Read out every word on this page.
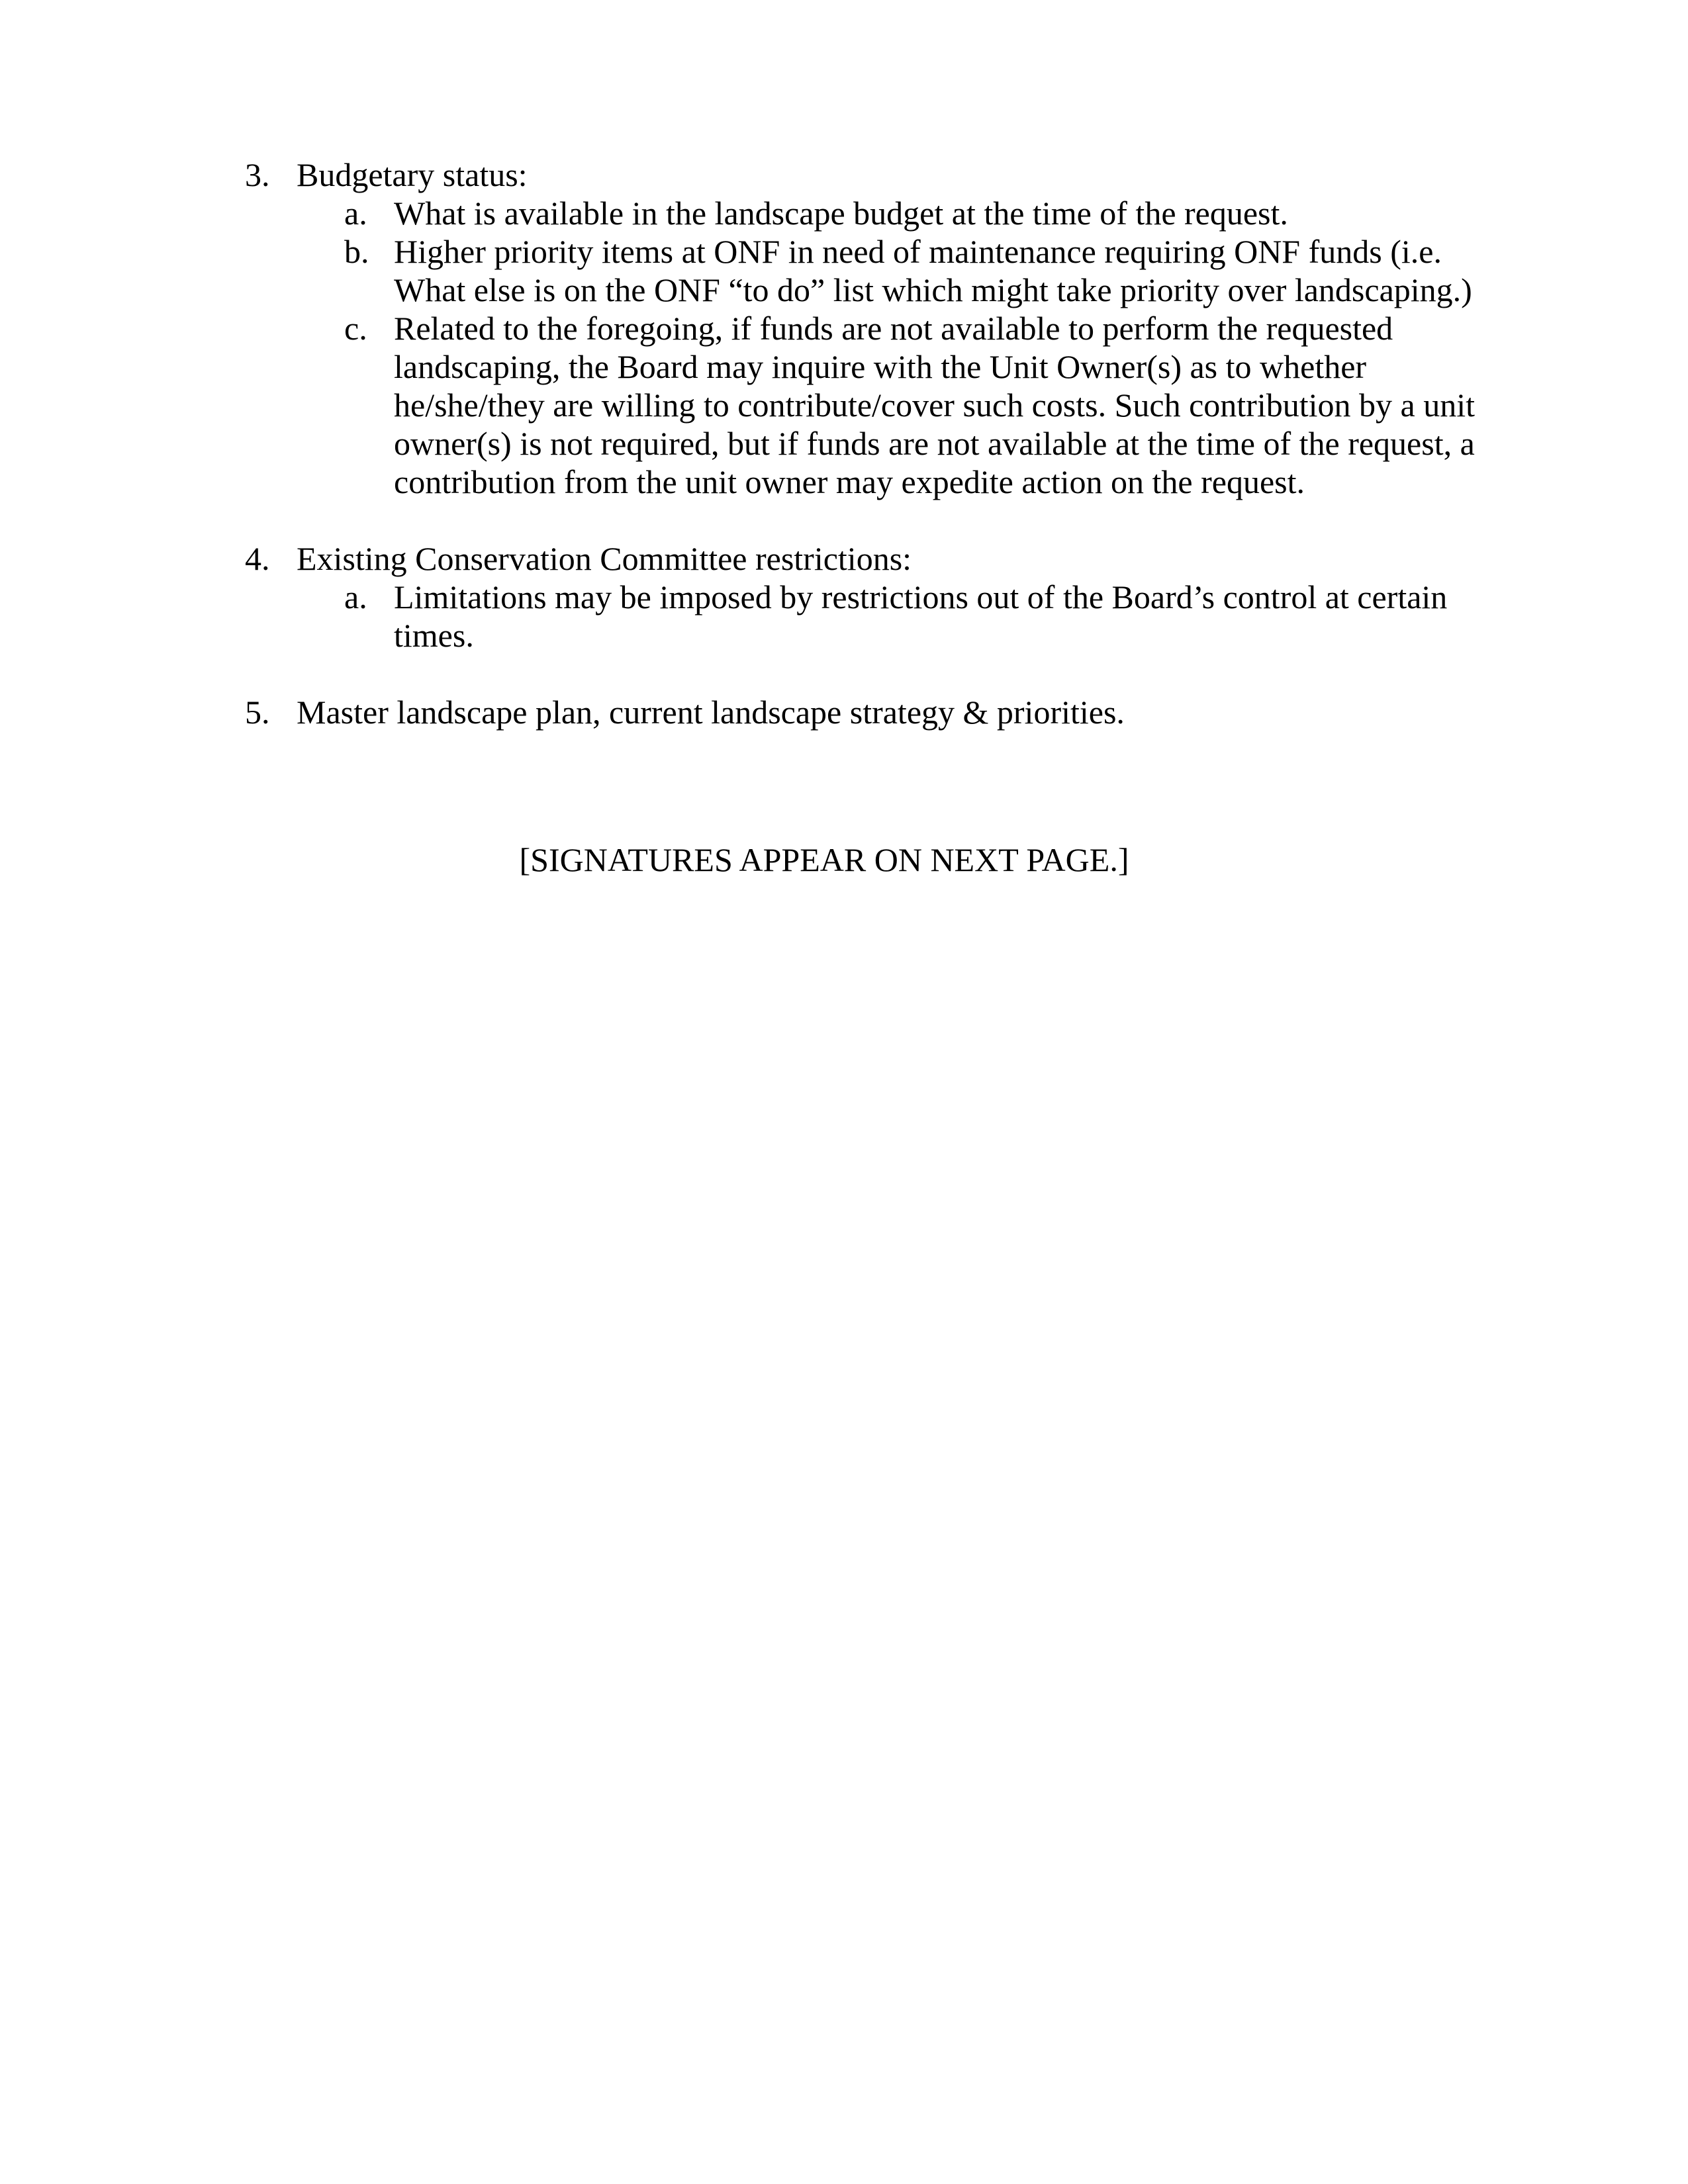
3. Budgetary status:
a. What is available in the landscape budget at the time of the request.
b. Higher priority items at ONF in need of maintenance requiring ONF funds (i.e. What else is on the ONF “to do” list which might take priority over landscaping.)
c. Related to the foregoing, if funds are not available to perform the requested landscaping, the Board may inquire with the Unit Owner(s) as to whether he/she/they are willing to contribute/cover such costs. Such contribution by a unit owner(s) is not required, but if funds are not available at the time of the request, a contribution from the unit owner may expedite action on the request.
4. Existing Conservation Committee restrictions:
a. Limitations may be imposed by restrictions out of the Board’s control at certain times.
5. Master landscape plan, current landscape strategy & priorities.
[SIGNATURES APPEAR ON NEXT PAGE.]
